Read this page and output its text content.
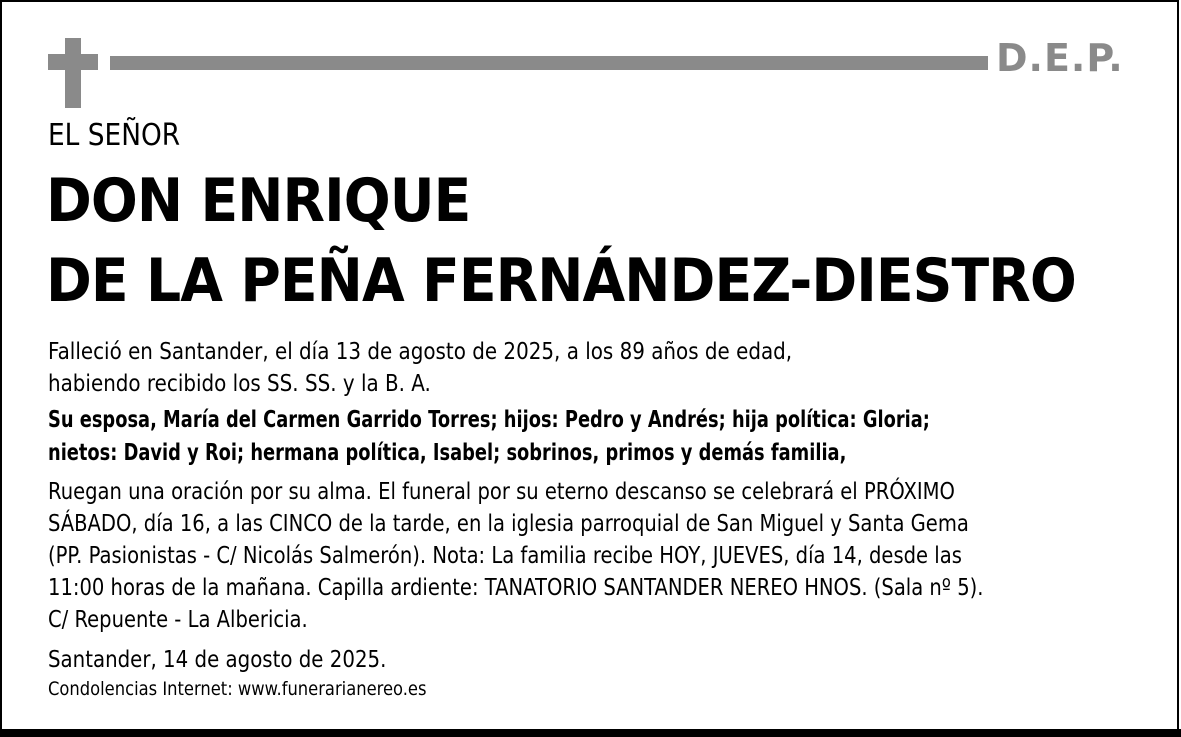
D.E.P.
EL SEÑOR
DON ENRIQUE
DE LA PEÑA FERNÁNDEZ-DIESTRO
Falleció en Santander, el día 13 de agosto de 2025, a los 89 años de edad,
habiendo recibido los SS. SS. y la B. A.
Su esposa, María del Carmen Garrido Torres; hijos: Pedro y Andrés; hija política: Gloria;
nietos: David y Roi; hermana política, Isabel; sobrinos, primos y demás familia,
Ruegan una oración por su alma. El funeral por su eterno descanso se celebrará el PRÓXIMO
SÁBADO, día 16, a las CINCO de la tarde, en la iglesia parroquial de San Miguel y Santa Gema
(PP. Pasionistas - C/ Nicolás Salmerón). Nota: La familia recibe HOY, JUEVES, día 14, desde las
11:00 horas de la mañana. Capilla ardiente: TANATORIO SANTANDER NEREO HNOS. (Sala nº 5).
C/ Repuente - La Albericia.
Santander, 14 de agosto de 2025.
Condolencias Internet: www.funerarianereo.es
